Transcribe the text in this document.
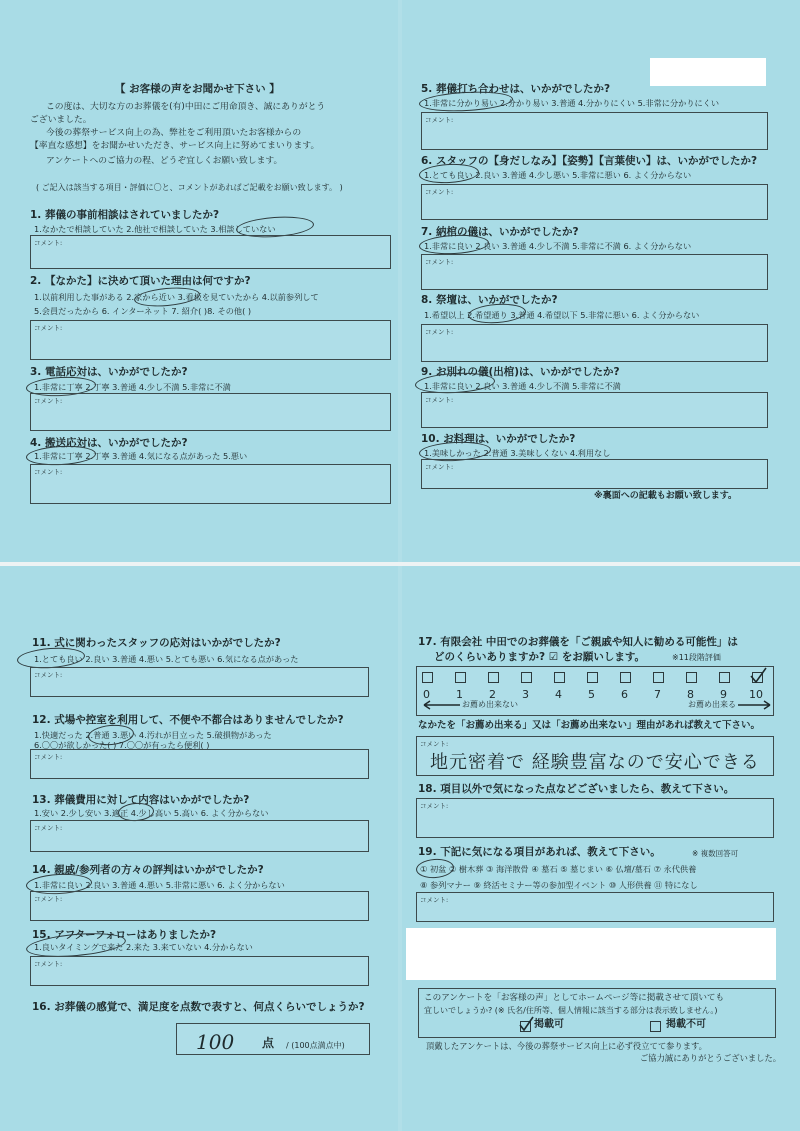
【 お客様の声をお聞かせ下さい 】
この度は、大切な方のお葬儀を(有)中田にご用命頂き、誠にありがとう
ございました。
今後の葬祭サービス向上の為、弊社をご利用頂いたお客様からの
【率直な感想】をお聞かせいただき、サービス向上に努めてまいります。
アンケートへのご協力の程、どうぞ宜しくお願い致します。
( ご記入は該当する項目・評価に〇と、コメントがあればご記載をお願い致します。 )
1. 葬儀の事前相談はされていましたか?
1.なかたで相談していた 2.他社で相談していた 3.相談していない
コメント:
2. 【なかた】に決めて頂いた理由は何ですか?
1.以前利用した事がある 2.家から近い 3.看板を見ていたから 4.以前参列して
5.会員だったから 6. インターネット 7. 紹介( )8. その他( )
コメント:
3. 電話応対は、いかがでしたか?
1.非常に丁寧 2.丁寧 3.普通 4.少し不満 5.非常に不満
コメント:
4. 搬送応対は、いかがでしたか?
1.非常に丁寧 2.丁寧 3.普通 4.気になる点があった 5.悪い
コメント:
5. 葬儀打ち合わせは、いかがでしたか?
1.非常に分かり易い 2.分かり易い 3.普通 4.分かりにくい 5.非常に分かりにくい
コメント:
6. スタッフの【身だしなみ】【姿勢】【言葉使い】は、いかがでしたか?
1.とても良い 2.良い 3.普通 4.少し悪い 5.非常に悪い 6. よく分からない
コメント:
7. 納棺の儀は、いかがでしたか?
1.非常に良い 2.良い 3.普通 4.少し不満 5.非常に不満 6. よく分からない
コメント:
8. 祭壇は、いかがでしたか?
1.希望以上 2.希望通り 3.普通 4.希望以下 5.非常に悪い 6. よく分からない
コメント:
9. お別れの儀(出棺)は、いかがでしたか?
1.非常に良い 2.良い 3.普通 4.少し不満 5.非常に不満
コメント:
10. お料理は、いかがでしたか?
1.美味しかった 2.普通 3.美味しくない 4.利用なし
コメント:
※裏面への記載もお願い致します。
11. 式に関わったスタッフの応対はいかがでしたか?
1.とても良い 2.良い 3.普通 4.悪い 5.とても悪い 6.気になる点があった
コメント:
12. 式場や控室を利用して、不便や不都合はありませんでしたか?
1.快適だった 2.普通 3.悪い 4.汚れが目立った 5.破損物があった
6.〇〇が欲しかった( ) 7.〇〇が有ったら便利( )
コメント:
13. 葬儀費用に対して内容はいかがでしたか?
1.安い 2.少し安い 3.適正 4.少し高い 5.高い 6. よく分からない
コメント:
14. 親戚/参列者の方々の評判はいかがでしたか?
1.非常に良い 2.良い 3.普通 4.悪い 5.非常に悪い 6. よく分からない
コメント:
15. アフターフォローはありましたか?
1.良いタイミングで来た 2.来た 3.来ていない 4.分からない
コメント:
16. お葬儀の感覚で、満足度を点数で表すと、何点くらいでしょうか?
100 点 / (100点満点中)
17. 有限会社 中田でのお葬儀を「ご親戚や知人に勧める可能性」は
どのくらいありますか? ☑ をお願いします。	※11段階評価
0 1 2 3 4 5 6 7 8 9 10
お薦め出来ない	お薦め出来る
なかたを「お薦め出来る」又は「お薦め出来ない」理由があれば教えて下さい。
コメント:
地元密着で 経験豊富なので安心できる
18. 項目以外で気になった点などございましたら、教えて下さい。
コメント:
19. 下記に気になる項目があれば、教えて下さい。	※ 複数回答可
① 初盆 ② 樹木葬 ③ 海洋散骨 ④ 墓石 ⑤ 墓じまい ⑥ 仏壇/墓石 ⑦ 永代供養
⑧ 参列マナー ⑨ 終活セミナー等の参加型イベント ⑩ 人形供養 ⑪ 特になし
コメント:
このアンケートを「お客様の声」としてホームページ等に掲載させて頂いても
宜しいでしょうか? (※ 氏名/住所等、個人情報に該当する部分は表示致しません。)
掲載可	掲載不可
頂戴したアンケートは、今後の葬祭サービス向上に必ず役立てて参ります。
ご協力誠にありがとうございました。
